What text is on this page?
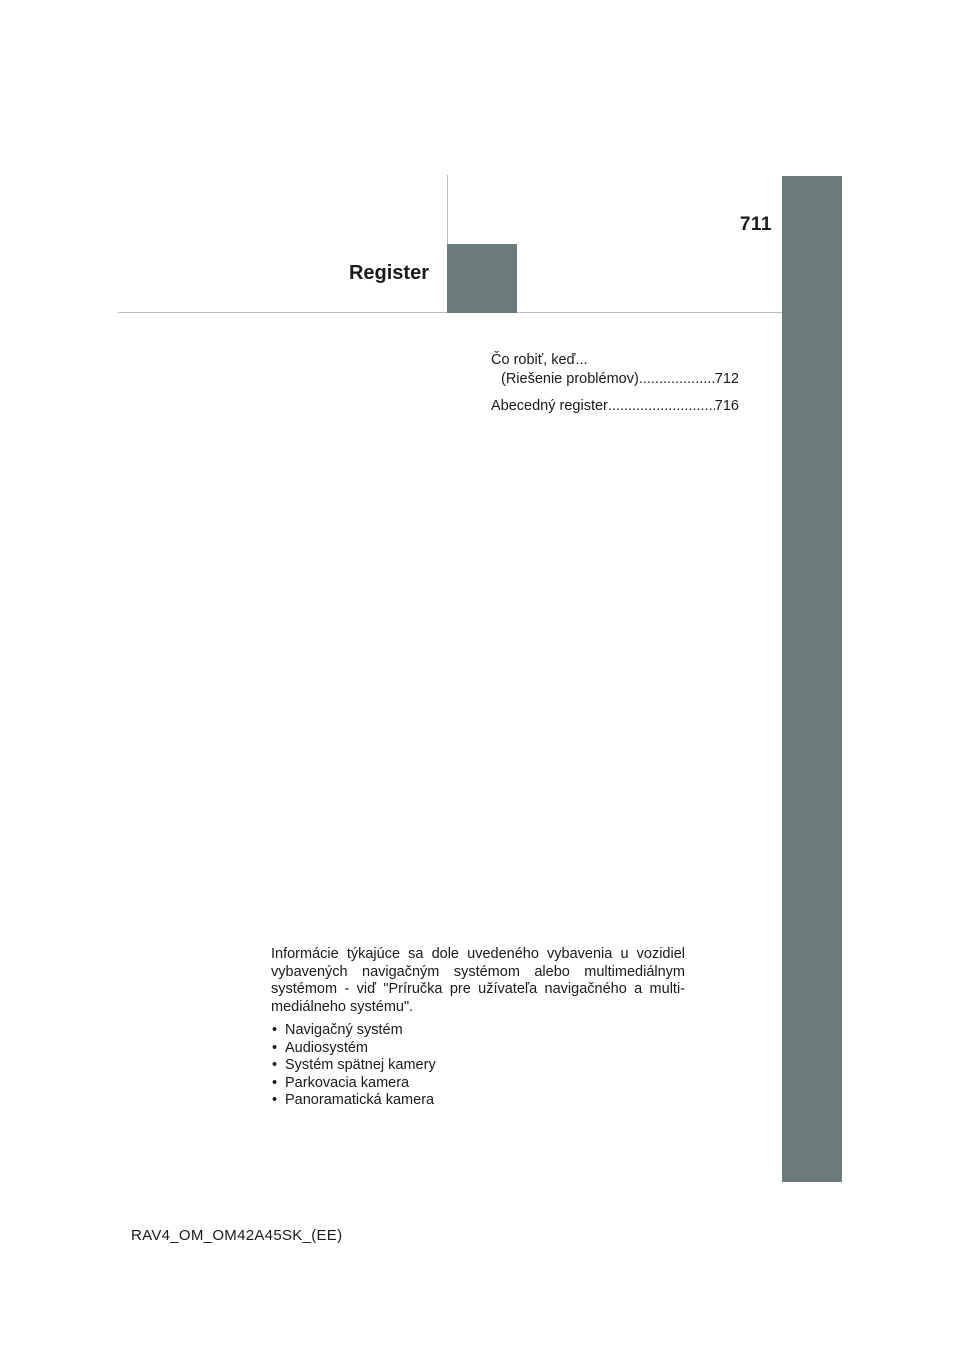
711
Register
Čo robiť, keď...
(Riešenie problémov) .....	712
Abecedný register .....	716

Informácie týkajúce sa dole uvedeného vybavenia u vozidiel vybavených navigačným systémom alebo multimediálnym systémom - viď "Príručka pre užívateľa navigačného a multi-mediálneho systému".

• Navigačný systém
• Audiosystém
• Systém spätnej kamery
• Parkovacia kamera
• Panoramatická kamera
RAV4_OM_OM42A45SK_(EE)
